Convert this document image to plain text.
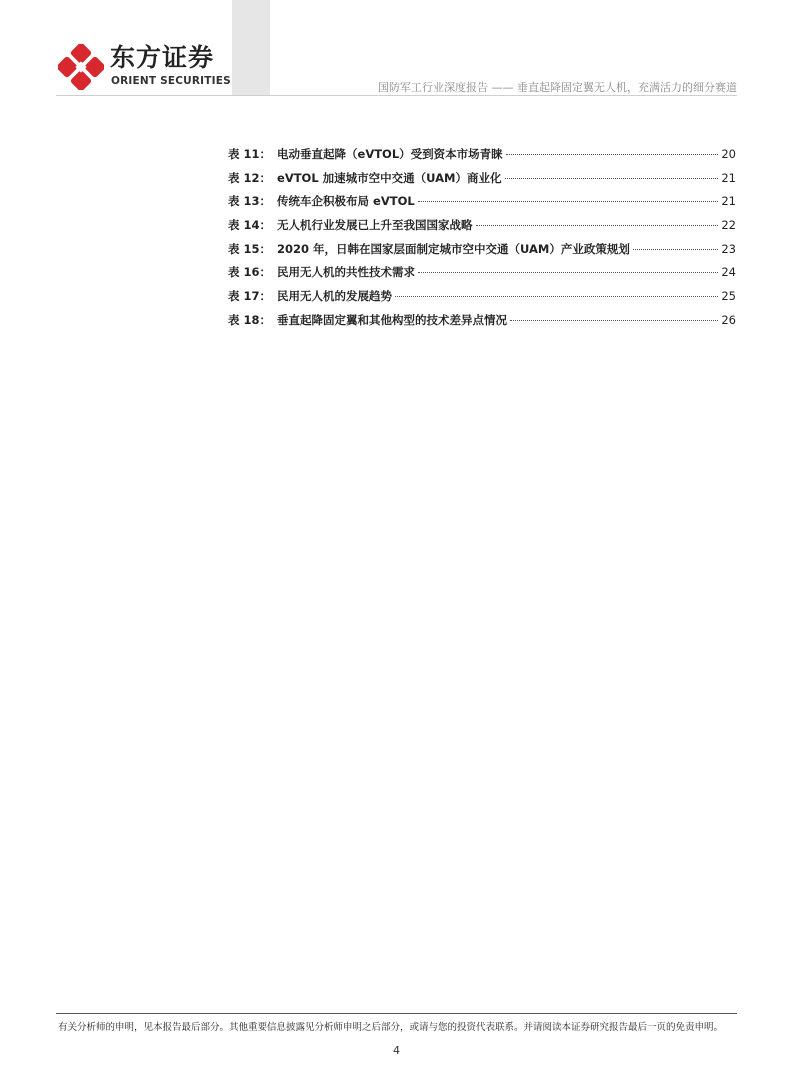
东方证券
ORIENT SECURITIES	国防军工行业深度报告 —— 垂直起降固定翼无人机，充满活力的细分赛道
表 11： 电动垂直起降（eVTOL）受到资本市场青睐	20
表 12： eVTOL 加速城市空中交通（UAM）商业化	21
表 13： 传统车企积极布局 eVTOL	21
表 14： 无人机行业发展已上升至我国国家战略	22
表 15： 2020 年，日韩在国家层面制定城市空中交通（UAM）产业政策规划	23
表 16： 民用无人机的共性技术需求	24
表 17： 民用无人机的发展趋势	25
表 18： 垂直起降固定翼和其他构型的技术差异点情况	26
有关分析师的申明，见本报告最后部分。其他重要信息披露见分析师申明之后部分，或请与您的投资代表联系。并请阅读本证券研究报告最后一页的免责申明。
4
